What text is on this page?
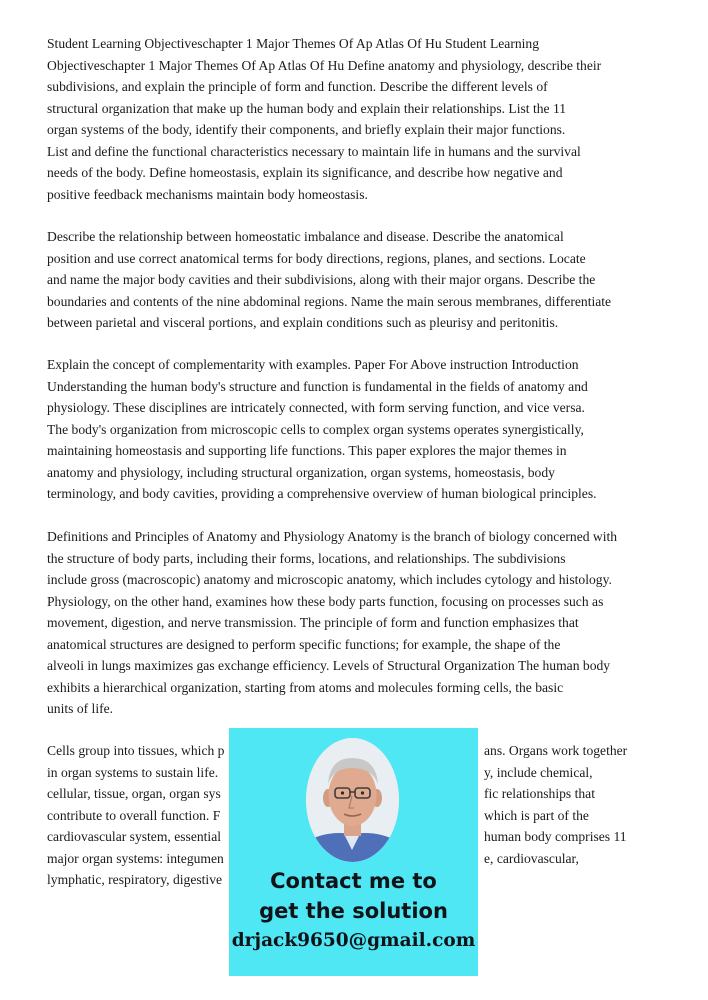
Student Learning Objectiveschapter 1 Major Themes Of Ap Atlas Of Hu Student Learning
Objectiveschapter 1 Major Themes Of Ap Atlas Of Hu Define anatomy and physiology, describe their
subdivisions, and explain the principle of form and function. Describe the different levels of
structural organization that make up the human body and explain their relationships. List the 11
organ systems of the body, identify their components, and briefly explain their major functions.
List and define the functional characteristics necessary to maintain life in humans and the survival
needs of the body. Define homeostasis, explain its significance, and describe how negative and
positive feedback mechanisms maintain body homeostasis.
Describe the relationship between homeostatic imbalance and disease. Describe the anatomical
position and use correct anatomical terms for body directions, regions, planes, and sections. Locate
and name the major body cavities and their subdivisions, along with their major organs. Describe the
boundaries and contents of the nine abdominal regions. Name the main serous membranes, differentiate
between parietal and visceral portions, and explain conditions such as pleurisy and peritonitis.
Explain the concept of complementarity with examples. Paper For Above instruction Introduction
Understanding the human body's structure and function is fundamental in the fields of anatomy and
physiology. These disciplines are intricately connected, with form serving function, and vice versa.
The body's organization from microscopic cells to complex organ systems operates synergistically,
maintaining homeostasis and supporting life functions. This paper explores the major themes in
anatomy and physiology, including structural organization, organ systems, homeostasis, body
terminology, and body cavities, providing a comprehensive overview of human biological principles.
Definitions and Principles of Anatomy and Physiology Anatomy is the branch of biology concerned with
the structure of body parts, including their forms, locations, and relationships. The subdivisions
include gross (macroscopic) anatomy and microscopic anatomy, which includes cytology and histology.
Physiology, on the other hand, examines how these body parts function, focusing on processes such as
movement, digestion, and nerve transmission. The principle of form and function emphasizes that
anatomical structures are designed to perform specific functions; for example, the shape of the
alveoli in lungs maximizes gas exchange efficiency. Levels of Structural Organization The human body
exhibits a hierarchical organization, starting from atoms and molecules forming cells, the basic
units of life.
Cells group into tissues, which p
in organ systems to sustain life.
cellular, tissue, organ, organ sys
contribute to overall function. F
cardiovascular system, essential
major organ systems: integumen
lymphatic, respiratory, digestive
ans. Organs work together
y, include chemical,
fic relationships that
which is part of the
human body comprises 11
e, cardiovascular,
Contact me to
get the solution
drjack9650@gmail.com
